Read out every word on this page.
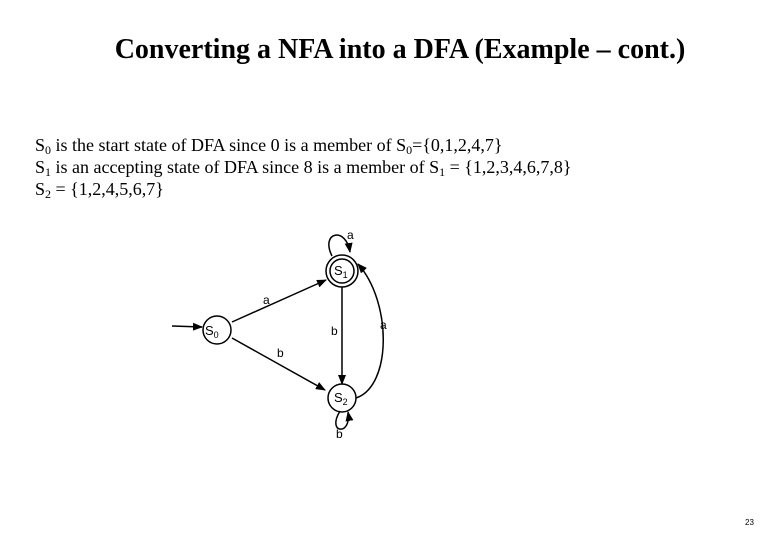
Converting a NFA into a DFA (Example – cont.)
$S_0$ is the start state of DFA since 0 is a member of $S_0=\{0,1,2,4,7\}$
$S_1$ is an accepting state of DFA since 8 is a member of $S_1 = \{1,2,3,4,6,7,8\}$
$S_2 = \{1,2,4,5,6,7\}$
$S_0$
$S_1$
$S_2$
a
a
b	a
b
b
23
